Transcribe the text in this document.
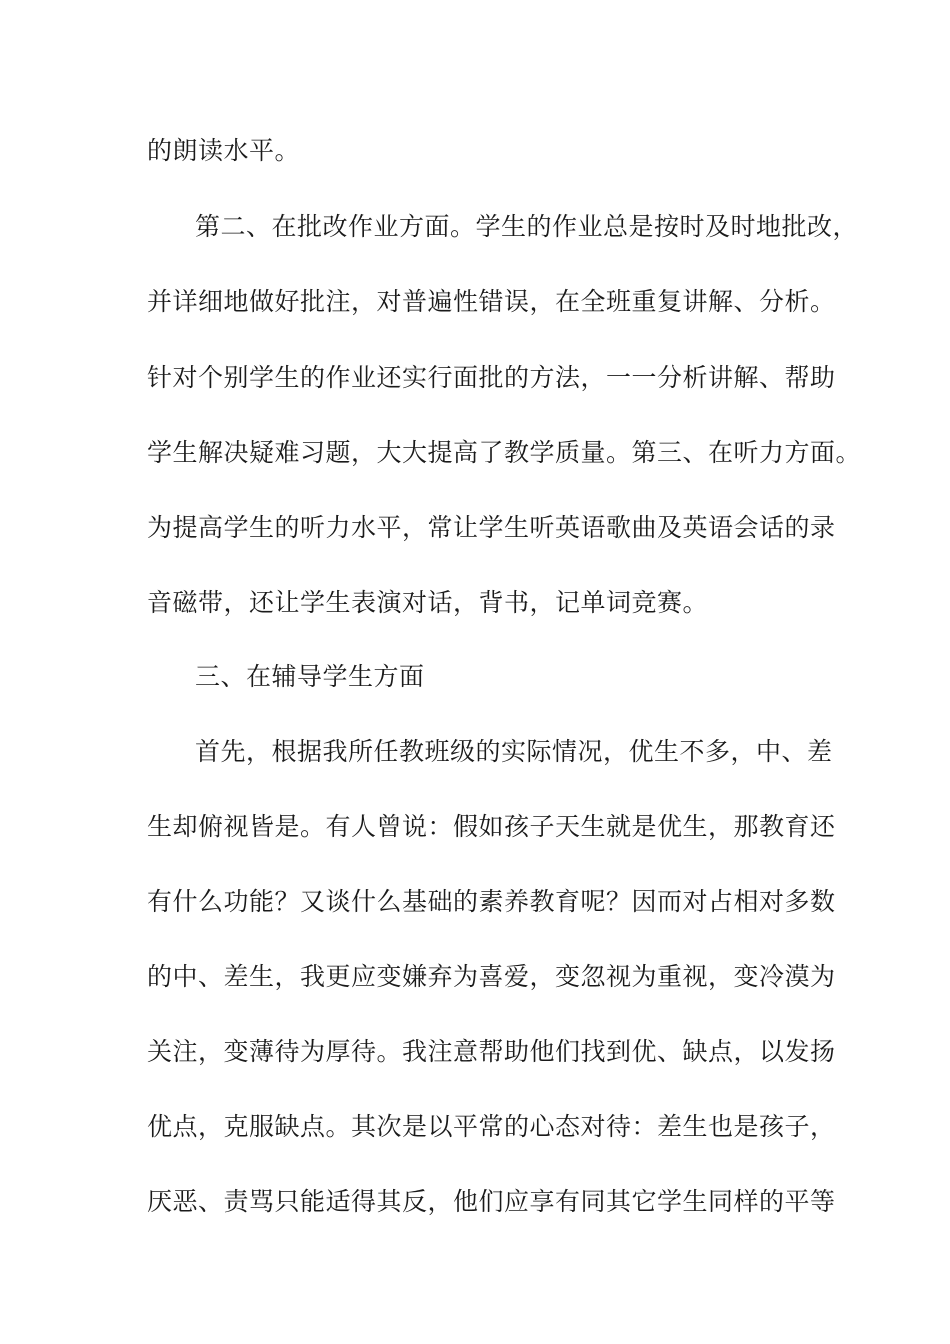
的朗读水平。
第二、在批改作业方面。学生的作业总是按时及时地批改，
并详细地做好批注，对普遍性错误，在全班重复讲解、分析。
针对个别学生的作业还实行面批的方法，一一分析讲解、帮助
学生解决疑难习题，大大提高了教学质量。第三、在听力方面。
为提高学生的听力水平，常让学生听英语歌曲及英语会话的录
音磁带，还让学生表演对话，背书，记单词竞赛。
三、在辅导学生方面
首先，根据我所任教班级的实际情况，优生不多，中、差
生却俯视皆是。有人曾说：假如孩子天生就是优生，那教育还
有什么功能？又谈什么基础的素养教育呢？因而对占相对多数
的中、差生，我更应变嫌弃为喜爱，变忽视为重视，变冷漠为
关注，变薄待为厚待。我注意帮助他们找到优、缺点，以发扬
优点，克服缺点。其次是以平常的心态对待：差生也是孩子，
厌恶、责骂只能适得其反，他们应享有同其它学生同样的平等
